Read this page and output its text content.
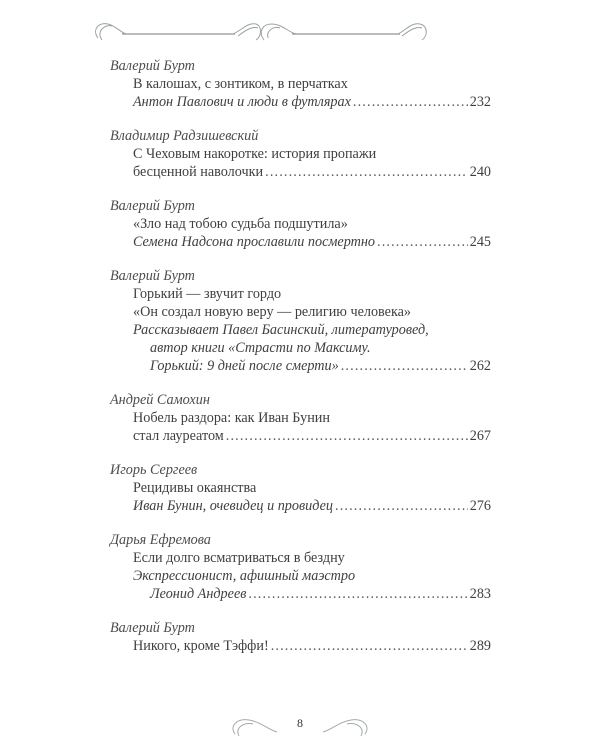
Валерий Бурт
В калошах, с зонтиком, в перчатках
Антон Павлович и люди в футлярах . . .	232
Владимир Радзишевский
С Чеховым накоротке: история пропажи
бесценной наволочки . . .	240
Валерий Бурт
«Зло над тобою судьба подшутила»
Семена Надсона прославили посмертно . . .	245
Валерий Бурт
Горький — звучит гордо
«Он создал новую веру — религию человека»
Рассказывает Павел Басинский, литературовед,
автор книги «Страсти по Максиму.
Горький: 9 дней после смерти» . . .	262
Андрей Самохин
Нобель раздора: как Иван Бунин
стал лауреатом . . .	267
Игорь Сергеев
Рецидивы окаянства
Иван Бунин, очевидец и провидец . . .	276
Дарья Ефремова
Если долго всматриваться в бездну
Экспрессионист, афишный маэстро
Леонид Андреев . . .	283
Валерий Бурт
Никого, кроме Тэффи! . . .	289
8
